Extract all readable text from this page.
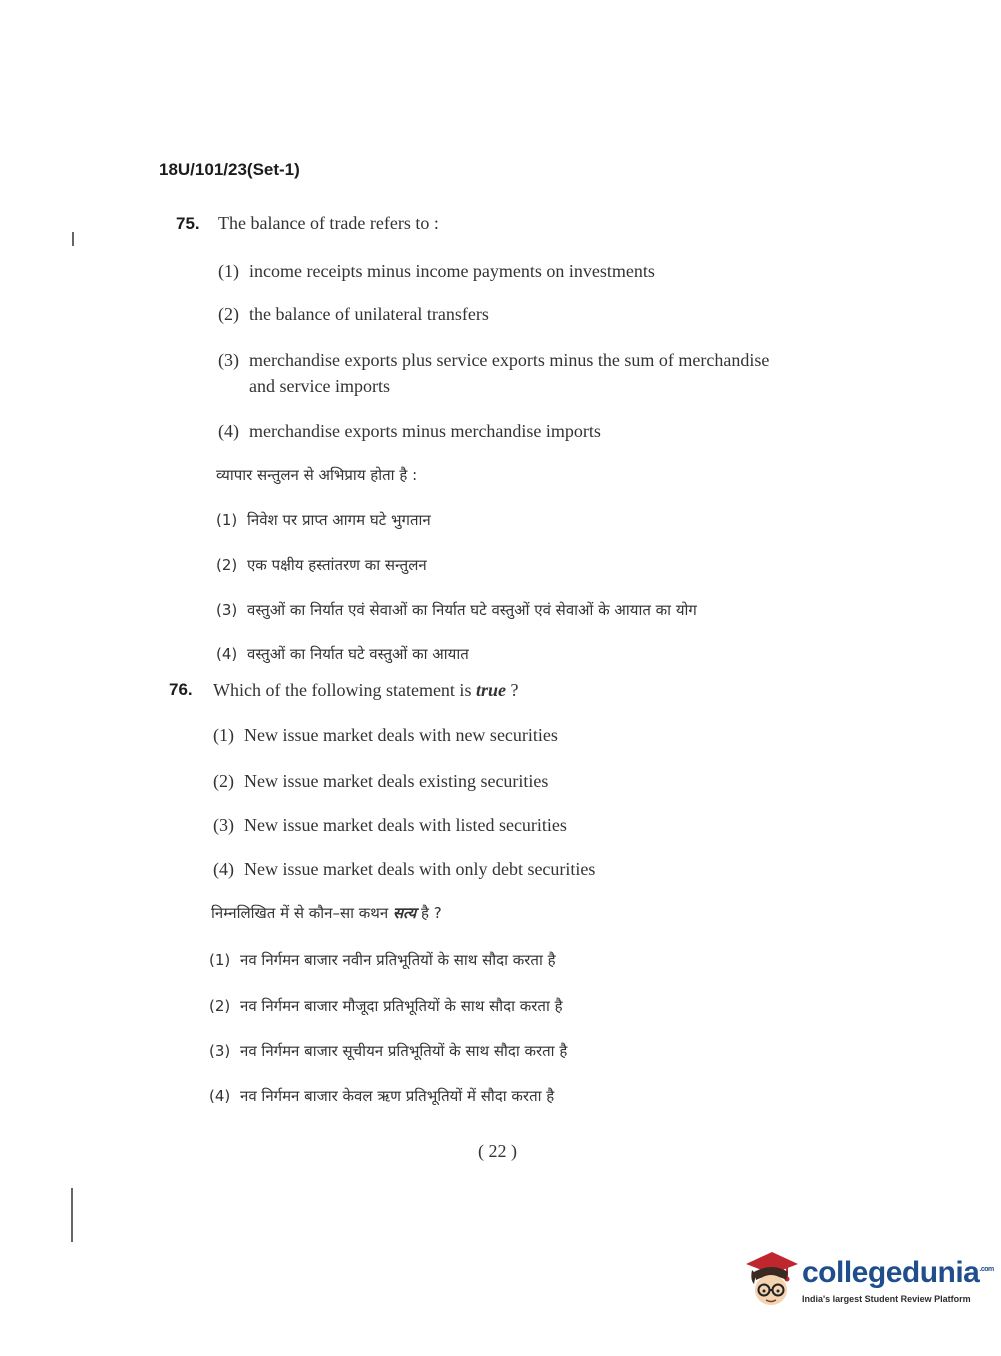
18U/101/23(Set-1)
75. The balance of trade refers to :
(1) income receipts minus income payments on investments
(2) the balance of unilateral transfers
(3) merchandise exports plus service exports minus the sum of merchandise
and service imports
(4) merchandise exports minus merchandise imports
व्यापार सन्तुलन से अभिप्राय होता है :
(1) निवेश पर प्राप्त आगम घटे भुगतान
(2) एक पक्षीय हस्तांतरण का सन्तुलन
(3) वस्तुओं का निर्यात एवं सेवाओं का निर्यात घटे वस्तुओं एवं सेवाओं के आयात का योग
(4) वस्तुओं का निर्यात घटे वस्तुओं का आयात
76. Which of the following statement is true ?
(1) New issue market deals with new securities
(2) New issue market deals existing securities
(3) New issue market deals with listed securities
(4) New issue market deals with only debt securities
निम्नलिखित में से कौन–सा कथन सत्य है ?
(1) नव निर्गमन बाजार नवीन प्रतिभूतियों के साथ सौदा करता है
(2) नव निर्गमन बाजार मौजूदा प्रतिभूतियों के साथ सौदा करता है
(3) नव निर्गमन बाजार सूचीयन प्रतिभूतियों के साथ सौदा करता है
(4) नव निर्गमन बाजार केवल ऋण प्रतिभूतियों में सौदा करता है
( 22 )
collegedunia$^{.com}$
India's largest Student Review Platform
